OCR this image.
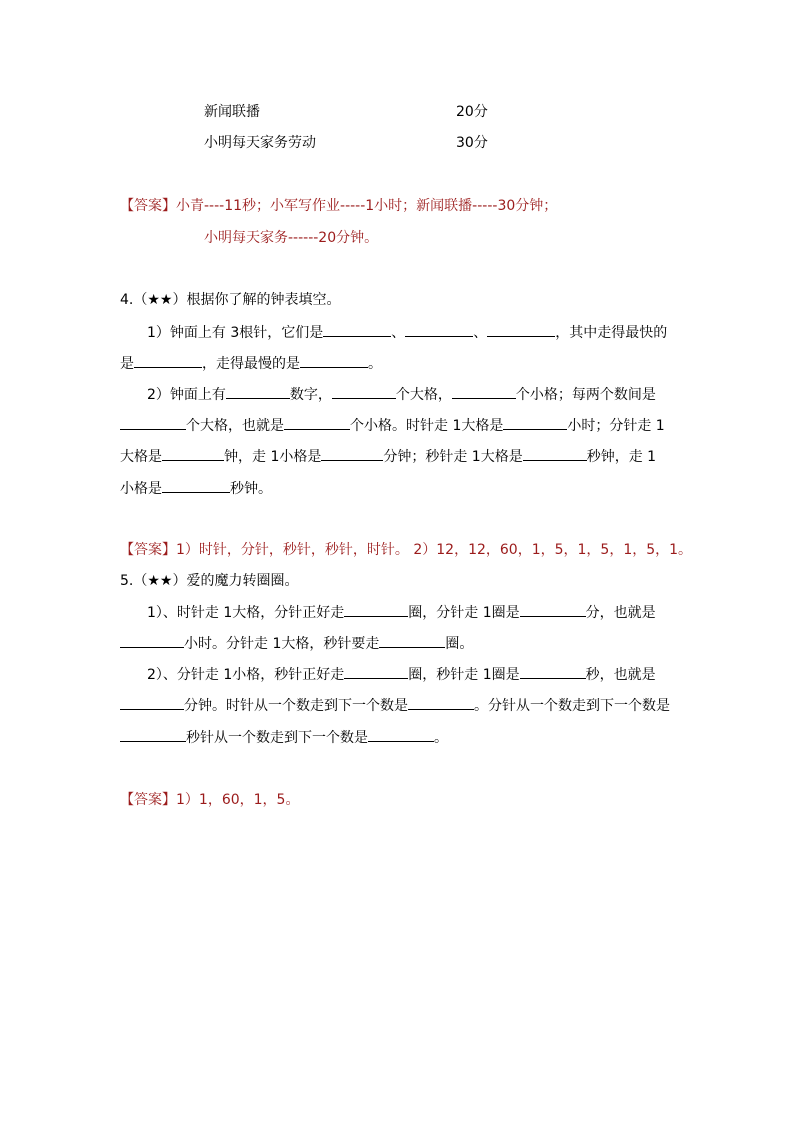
新闻联播	20分
小明每天家务劳动	30分
【答案】小青----11秒；小军写作业-----1小时；新闻联播-----30分钟；
小明每天家务------20分钟。
4.（★★）根据你了解的钟表填空。
1）钟面上有 3根针，它们是	、	、	，其中走得最快的
是	，走得最慢的是	。
2）钟面上有	数字，	个大格，	个小格；每两个数间是
个大格，也就是	个小格。时针走 1大格是	小时；分针走 1
大格是	钟，走 1小格是	分钟；秒针走 1大格是	秒钟，走 1
小格是	秒钟。
【答案】1）时针，分针，秒针，秒针，时针。 2）12，12，60，1，5，1，5，1，5，1。
5.（★★）爱的魔力转圈圈。
1）、时针走 1大格，分针正好走	圈，分针走 1圈是	分，也就是
小时。分针走 1大格，秒针要走	圈。
2）、分针走 1小格，秒针正好走	圈，秒针走 1圈是	秒，也就是
分钟。时针从一个数走到下一个数是	。分针从一个数走到下一个数是
秒针从一个数走到下一个数是	。
【答案】1）1，60，1，5。
